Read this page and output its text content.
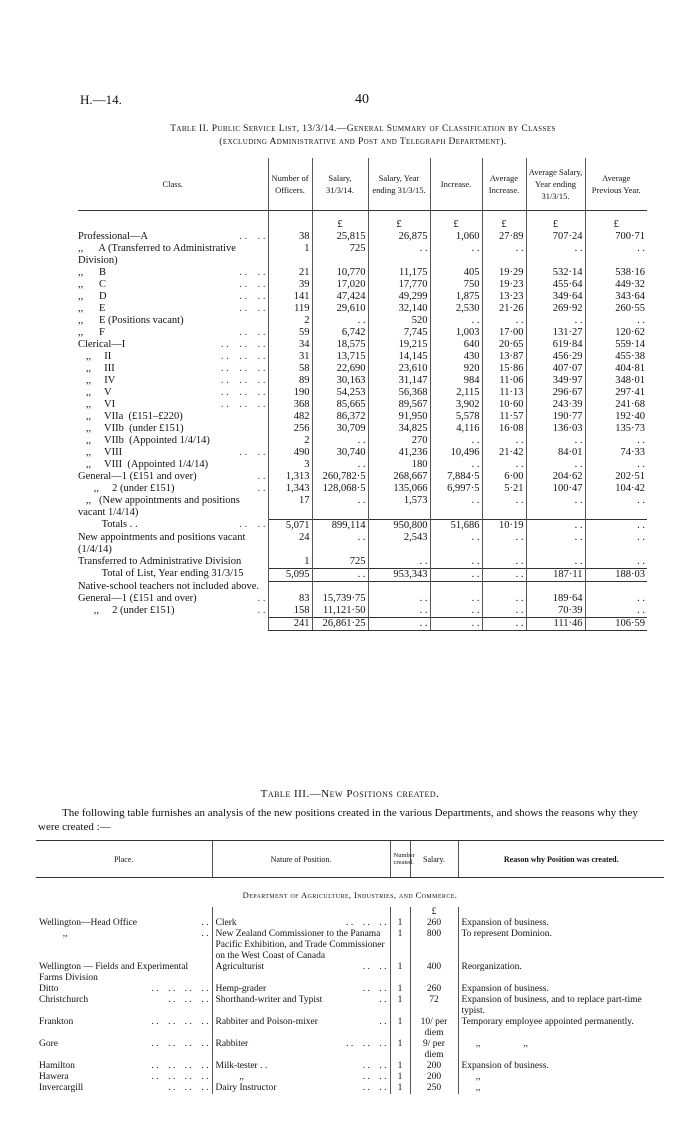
H.—14.	40
Table II. Public Service List, 13/3/14.—General Summary of Classification by Classes
(excluding Administrative and Post and Telegraph Department).
Class.	Number of Officers.	Salary, 31/3/14.	Salary, Year ending 31/3/15.	Increase.	Average Increase.	Average Salary, Year ending 31/3/15.	Average Previous Year.
		£	£	£	£	£	£
Professional—A . .    . .	38	25,815	26,875	1,060	27·89	707·24	700·71
,,      A (Transferred to Administrative Division)	1	725	. .	. .	. .	. .	. .
,,      B . .    . .	21	10,770	11,175	405	19·29	532·14	538·16
,,      C . .    . .	39	17,020	17,770	750	19·23	455·64	449·32
,,      D . .    . .	141	47,424	49,299	1,875	13·23	349·64	343·64
,,      E . .    . .	119	29,610	32,140	2,530	21·26	269·92	260·55
,,      E (Positions vacant)	2	. .	520	. .	. .	. .	. .
,,      F . .    . .	59	6,742	7,745	1,003	17·00	131·27	120·62
Clerical—I . .    . .    . .	34	18,575	19,215	640	20·65	619·84	559·14
,,     II . .    . .    . .	31	13,715	14,145	430	13·87	456·29	455·38
,,     III . .    . .    . .	58	22,690	23,610	920	15·86	407·07	404·81
,,     IV . .    . .    . .	89	30,163	31,147	984	11·06	349·97	348·01
,,     V . .    . .    . .	190	54,253	56,368	2,115	11·13	296·67	297·41
,,     VI . .    . .    . .	368	85,665	89,567	3,902	10·60	243·39	241·68
,,     VIIa  (£151–£220)	482	86,372	91,950	5,578	11·57	190·77	192·40
,,     VIIb  (under £151)	256	30,709	34,825	4,116	16·08	136·03	135·73
,,     VIIb  (Appointed 1/4/14)	2	. .	270	. .	. .	. .	. .
,,     VIII . .    . .	490	30,740	41,236	10,496	21·42	84·01	74·33
,,     VIII  (Appointed 1/4/14)	3	. .	180	. .	. .	. .	. .
General—1 (£151 and over) . .	1,313	260,782·5	268,667	7,884·5	6·00	204·62	202·51
,,     2 (under £151) . .	1,343	128,068·5	135,066	6,997·5	5·21	100·47	104·42
,,   (New appointments and positions vacant 1/4/14)	17	. .	1,573	. .	. .	. .	. .
Totals . . . .    . .	5,071	899,114	950,800	51,686	10·19	. .	. .
New appointments and positions vacant (1/4/14)	24	. .	2,543	. .	. .	. .	. .
Transferred to Administrative Division	1	725	. .	. .	. .	. .	. .
Total of List, Year ending 31/3/15	5,095	. .	953,343	. .	. .	187·11	188·03
Native-school teachers not included above.							
General—1 (£151 and over) . .	83	15,739·75	. .	. .	. .	189·64	. .
,,     2 (under £151) . .	158	11,121·50	. .	. .	. .	70·39	. .
	241	26,861·25	. .	. .	. .	111·46	106·59
Table III.—New Positions created.
The following table furnishes an analysis of the new positions created in the various Departments, and shows the reasons why they were created :—
Place.	Nature of Position.	Number created.	Salary.	Reason why Position was created.
Department of Agriculture, Industries, and Commerce.				
			£	
Wellington—Head Office . .	Clerk . .    . .    . .	1	260	Expansion of business.
,, . .	New Zealand Commissioner to the Panama Pacific Exhibition, and Trade Commissioner on the West Coast of Canada	1	800	To represent Dominion.
Wellington — Fields and Experimental Farms Division	Agriculturist . .    . .	1	400	Reorganization.
Ditto . .    . .    . .    . .	Hemp-grader . .    . .	1	260	Expansion of business.
Christchurch . .    . .    . .	Shorthand-writer and Typist . .	1	72	Expansion of business, and to replace part-time typist.
Frankton . .    . .    . .    . .	Rabbiter and Poison-mixer . .	1	10/ per diem	Temporary employee appointed permanently.
Gore . .    . .    . .    . .	Rabbiter . .    . .    . .	1	9/ per diem	,,                  ,,
Hamilton . .    . .    . .    . .	Milk-tester . . . .    . .	1	200	Expansion of business.
Hawera . .    . .    . .    . .	,, . .    . .	1	200	,,
Invercargill . .    . .    . .	Dairy Instructor . .    . .	1	250	,,
